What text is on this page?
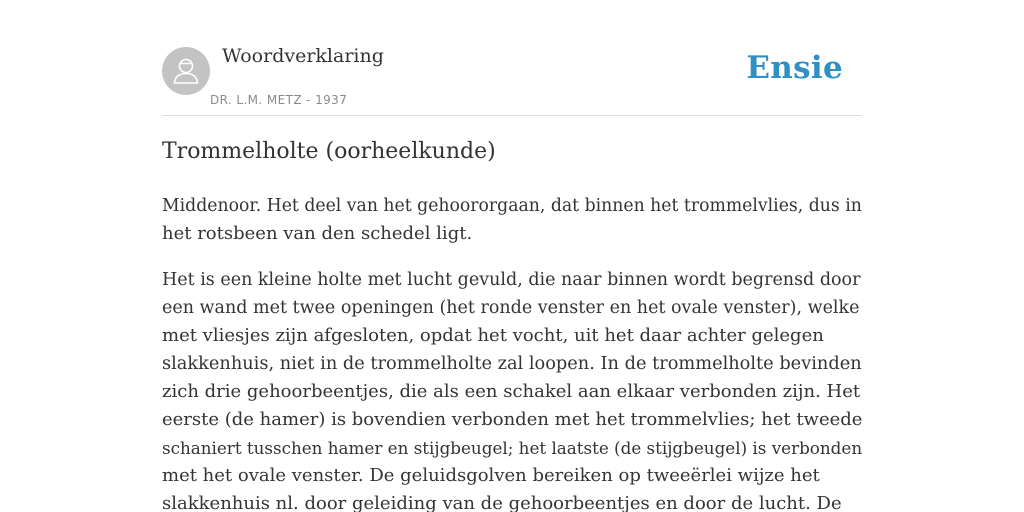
Woordverklaring
DR. L.M. METZ - 1937
Ensie
Trommelholte (oorheelkunde)

Middenoor. Het deel van het gehoororgaan, dat binnen het trommelvlies, dus in
het rotsbeen van den schedel ligt.

Het is een kleine holte met lucht gevuld, die naar binnen wordt begrensd door
een wand met twee openingen (het ronde venster en het ovale venster), welke
met vliesjes zijn afgesloten, opdat het vocht, uit het daar achter gelegen
slakkenhuis, niet in de trommelholte zal loopen. In de trommelholte bevinden
zich drie gehoorbeentjes, die als een schakel aan elkaar verbonden zijn. Het
eerste (de hamer) is bovendien verbonden met het trommelvlies; het tweede
schaniert tusschen hamer en stijgbeugel; het laatste (de stijgbeugel) is verbonden
met het ovale venster. De geluidsgolven bereiken op tweeërlei wijze het
slakkenhuis nl. door geleiding van de gehoorbeentjes en door de lucht. De
